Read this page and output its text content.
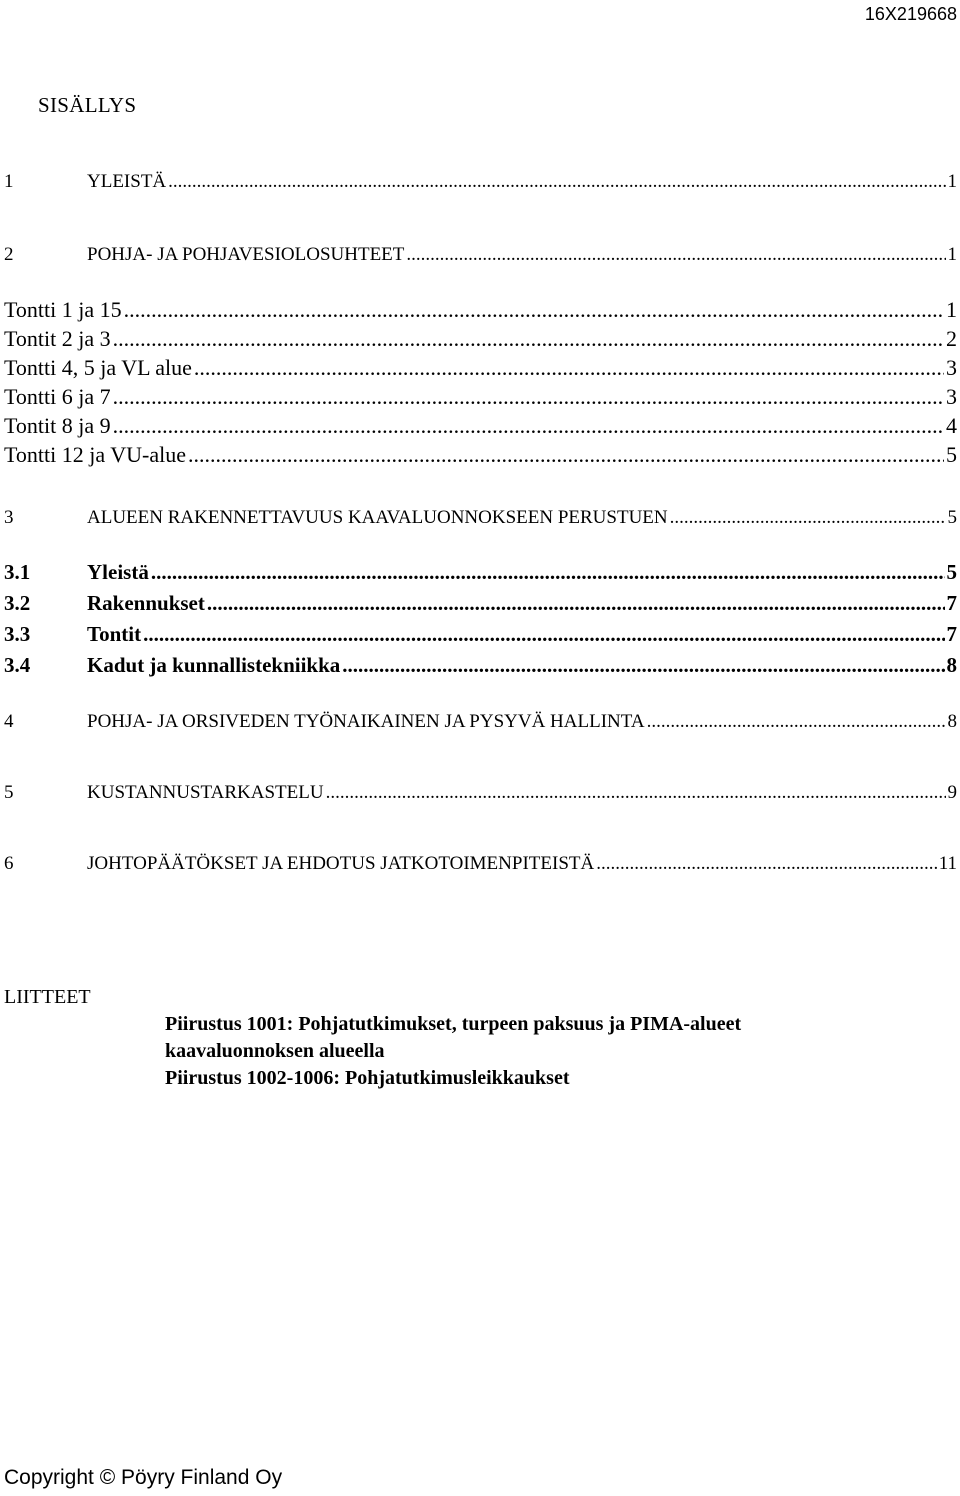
16X219668
SISÄLLYS
1	YLEISTÄ .....	1
2	POHJA- JA POHJAVESIOLOSUHTEET .....	1
Tontti 1 ja 15 .....	1
Tontit 2 ja 3 .....	2
Tontti 4, 5 ja VL alue .....	3
Tontti 6 ja 7 .....	3
Tontit 8 ja 9 .....	4
Tontti 12 ja VU-alue .....	5
3	ALUEEN RAKENNETTAVUUS KAAVALUONNOKSEEN PERUSTUEN .....	5
3.1	Yleistä .....	5
3.2	Rakennukset .....	7
3.3	Tontit .....	7
3.4	Kadut ja kunnallistekniikka .....	8
4	POHJA- JA ORSIVEDEN TYÖNAIKAINEN JA PYSYVÄ HALLINTA .....	8
5	KUSTANNUSTARKASTELU .....	9
6	JOHTOPÄÄTÖKSET JA EHDOTUS JATKOTOIMENPITEISTÄ .....	11
LIITTEET
Piirustus 1001: Pohjatutkimukset, turpeen paksuus ja PIMA-alueet
kaavaluonnoksen alueella
Piirustus 1002-1006: Pohjatutkimusleikkaukset
Copyright © Pöyry Finland Oy
